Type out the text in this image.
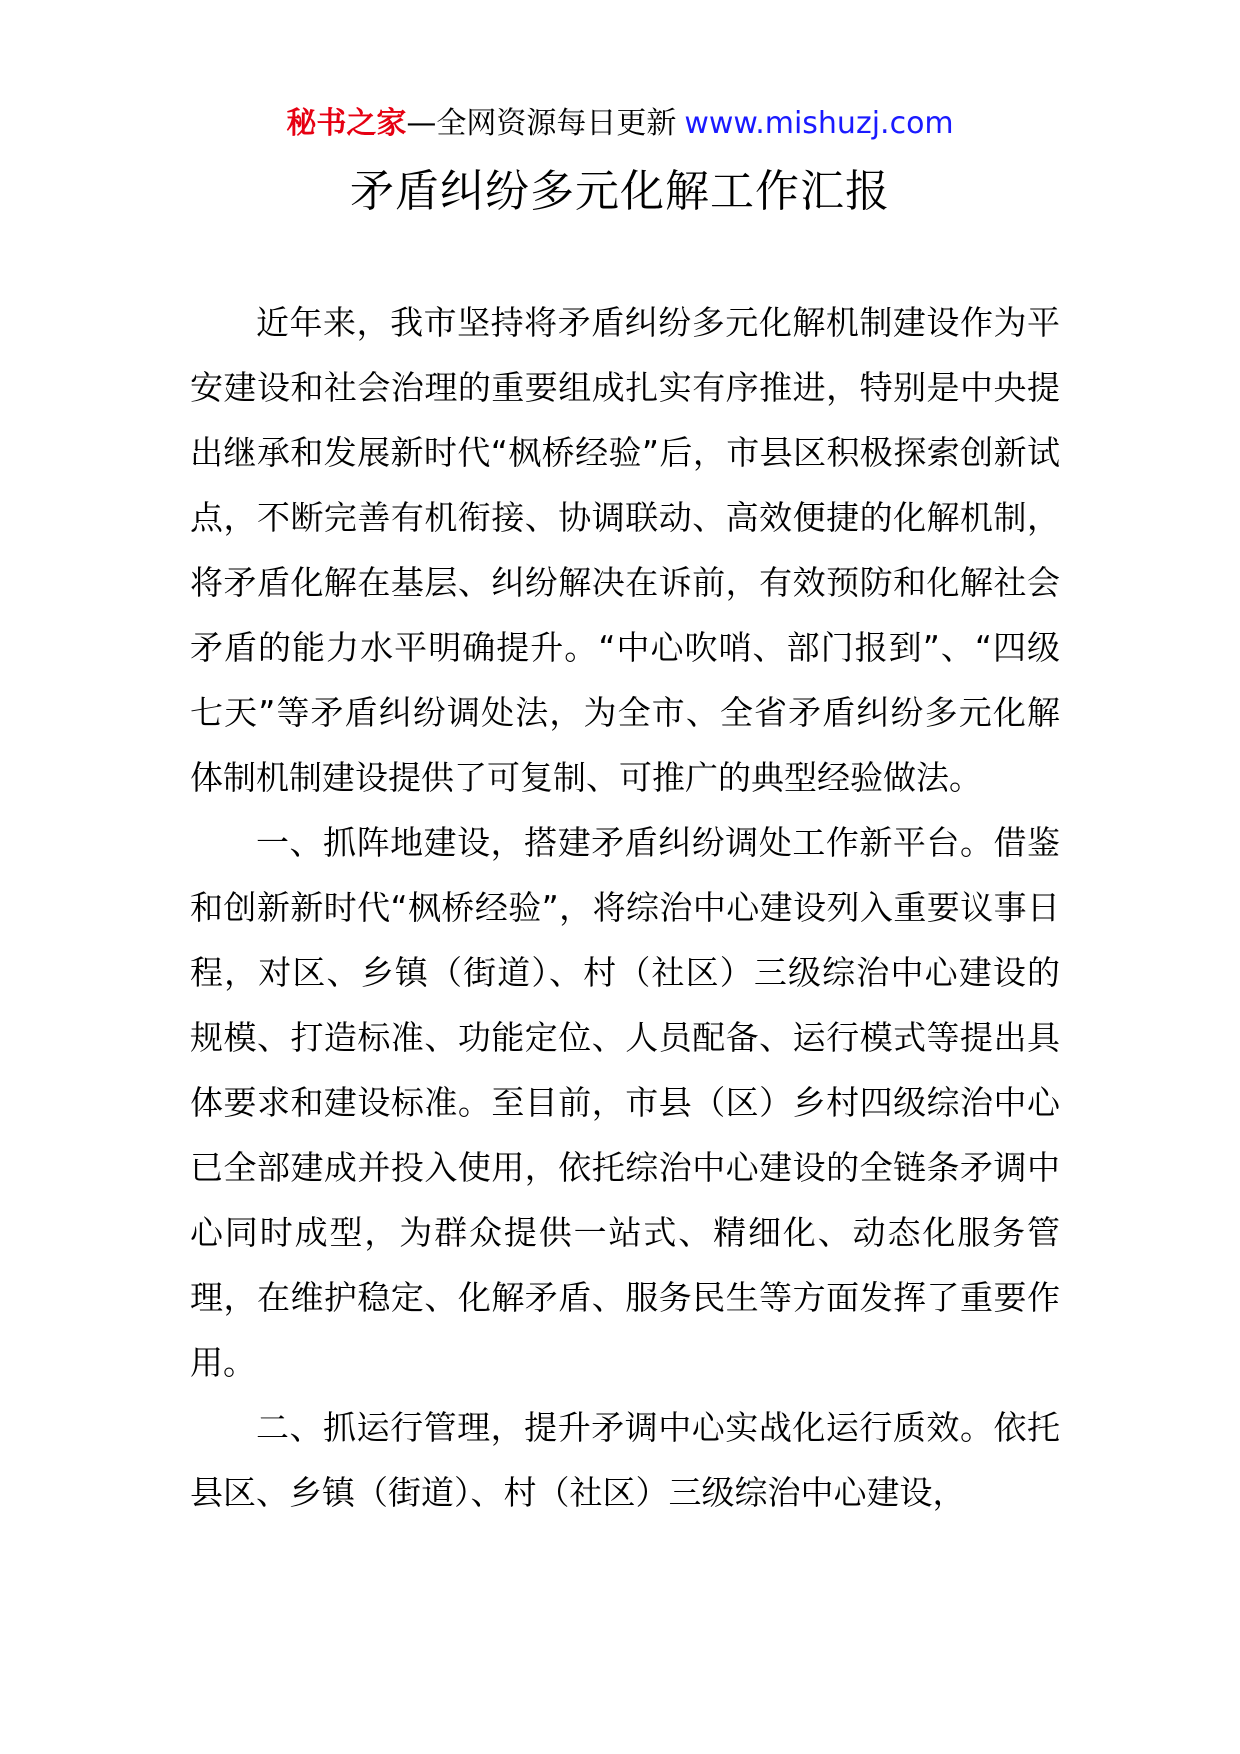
秘书之家—全网资源每日更新 www.mishuzj.com
矛盾纠纷多元化解工作汇报

近年来，我市坚持将矛盾纠纷多元化解机制建设作为平安建设和社会治理的重要组成扎实有序推进，特别是中央提出继承和发展新时代“枫桥经验”后，市县区积极探索创新试点，不断完善有机衔接、协调联动、高效便捷的化解机制，将矛盾化解在基层、纠纷解决在诉前，有效预防和化解社会矛盾的能力水平明确提升。“中心吹哨、部门报到”、“四级七天”等矛盾纠纷调处法，为全市、全省矛盾纠纷多元化解体制机制建设提供了可复制、可推广的典型经验做法。

一、抓阵地建设，搭建矛盾纠纷调处工作新平台。借鉴和创新新时代“枫桥经验”，将综治中心建设列入重要议事日程，对区、乡镇（街道）、村（社区）三级综治中心建设的规模、打造标准、功能定位、人员配备、运行模式等提出具体要求和建设标准。至目前，市县（区）乡村四级综治中心已全部建成并投入使用，依托综治中心建设的全链条矛调中心同时成型，为群众提供一站式、精细化、动态化服务管理，在维护稳定、化解矛盾、服务民生等方面发挥了重要作用。

二、抓运行管理，提升矛调中心实战化运行质效。依托县区、乡镇（街道）、村（社区）三级综治中心建设，
